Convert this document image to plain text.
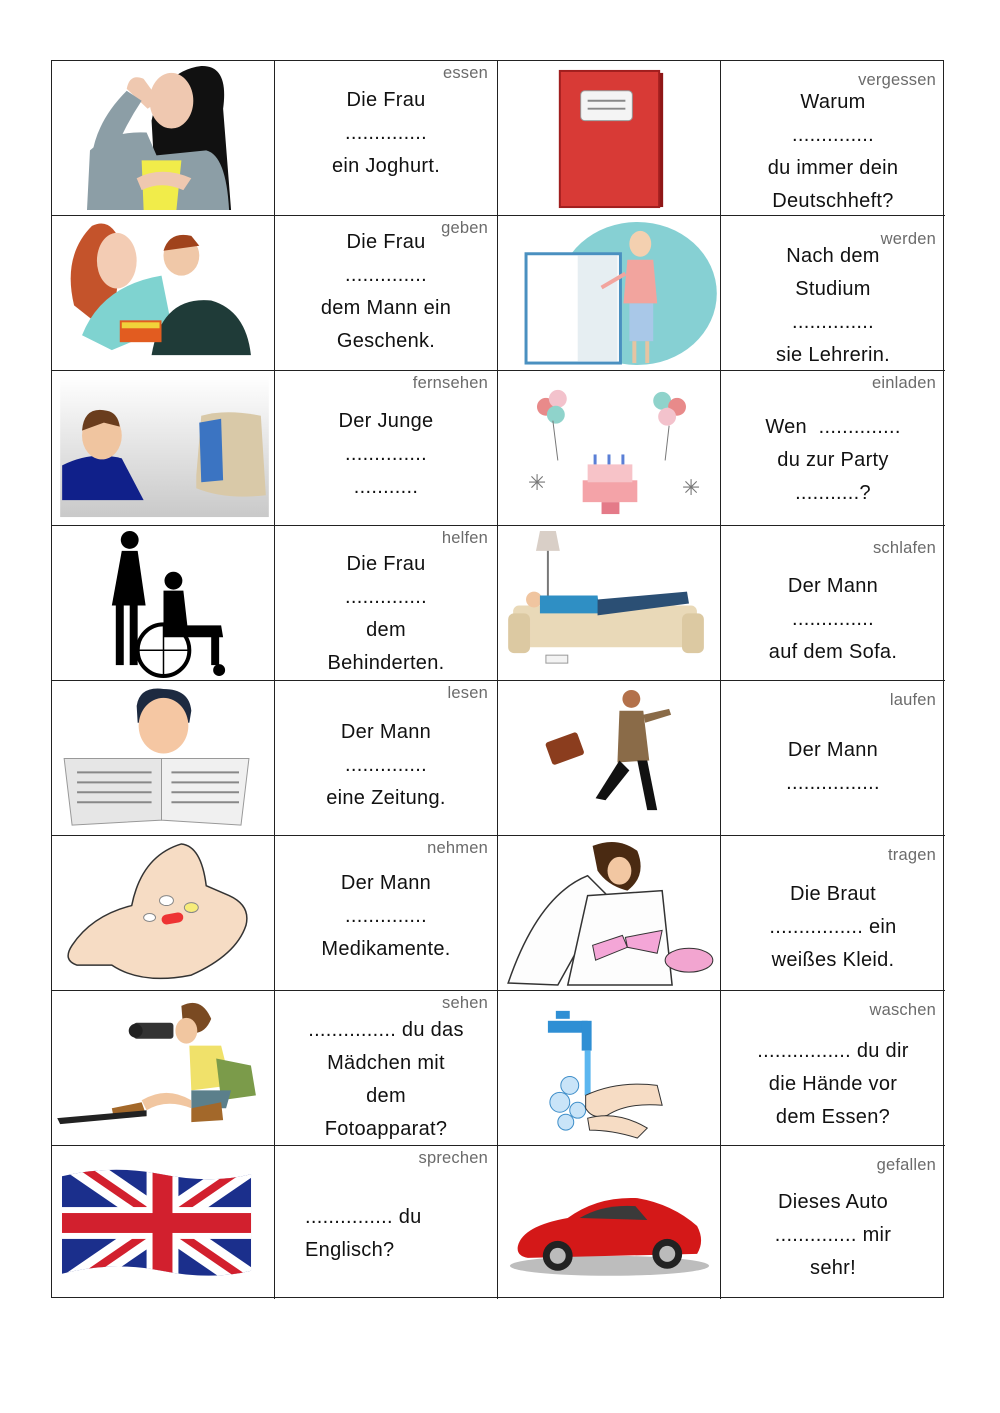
essen
Die Frau
..............
ein Joghurt.
vergessen
Warum
..............
du immer dein
Deutschheft?
geben
Die Frau
..............
dem Mann ein
Geschenk.
werden
Nach dem
Studium
..............
sie Lehrerin.
fernsehen
Der Junge
..............
...........	✳	✳
einladen
Wen  ..............
du zur Party
...........?
helfen
Die Frau
..............
dem
Behinderten.
schlafen
Der Mann
..............
auf dem Sofa.
lesen
Der Mann
..............
eine Zeitung.
laufen
Der Mann
................
nehmen
Der Mann
..............
Medikamente.
tragen
Die Braut
................ ein
weißes Kleid.
sehen
............... du das
Mädchen mit
dem
Fotoapparat?
waschen
................ du dir
die Hände vor
dem Essen?
sprechen
............... du
Englisch?
gefallen
Dieses Auto
.............. mir
sehr!
